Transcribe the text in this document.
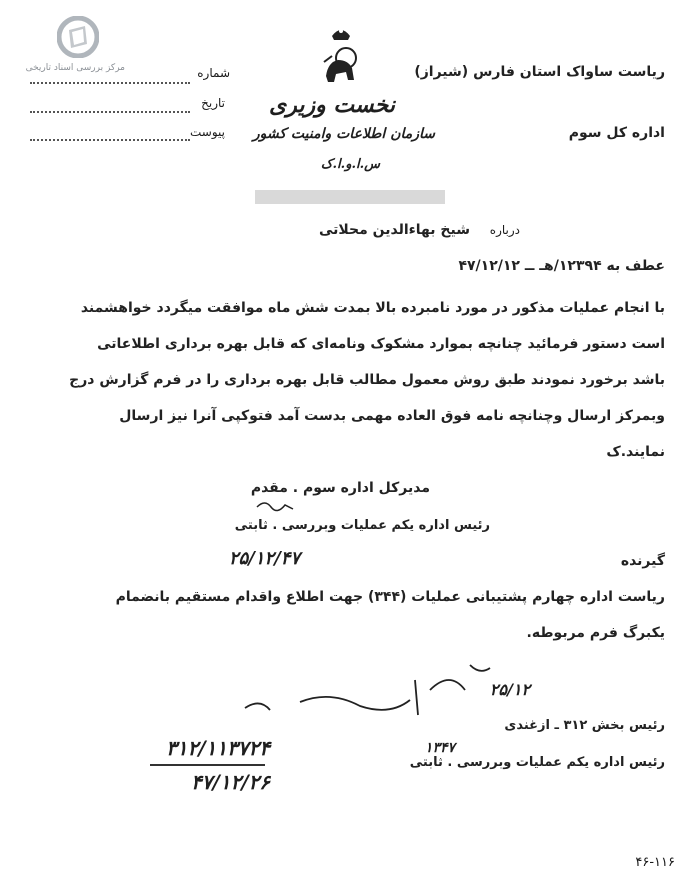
مرکز بررسی اسناد تاریخی	شماره
تاریخ
پیوست
نخست وزیری
سازمان اطلاعات وامنیت کشور
س.ا.و.ا.ک
ریاست ساواک استان فارس (شیراز)
اداره کل سوم
درباره
شیخ بهاءالدین محلاتی
عطف به ۱۲۳۹۴/هـ ــ ۴۷/۱۲/۱۲
با انجام عملیات مذکور در مورد نامبرده بالا بمدت شش ماه موافقت میگردد خواهشمند
است دستور فرمائید چنانچه بموارد مشکوک ونامه‌ای که قابل بهره برداری اطلاعاتی
باشد برخورد نمودند طبق روش معمول مطالب قابل بهره برداری را در فرم گزارش درج
وبمرکز ارسال وچنانچه نامه فوق العاده مهمی بدست آمد فتوکپی آنرا نیز ارسال
نمایند.ک
مدیرکل اداره سوم . مقدم
رئیس اداره یکم عملیات وبررسی . ثابتی
۲۵/۱۲/۴۷	گیرنده
ریاست اداره چهارم پشتیبانی عملیات (۳۴۴) جهت اطلاع واقدام مستقیم بانضمام
یکبرگ فرم مربوطه.
۲۵/۱۲
رئیس بخش ۳۱۲ ـ ازغندی
۱۳۴۷
رئیس اداره یکم عملیات وبررسی . ثابتی
۳۱۲/۱۱۳۷۲۴
۴۷/۱۲/۲۶
۴۶-۱۱۶
